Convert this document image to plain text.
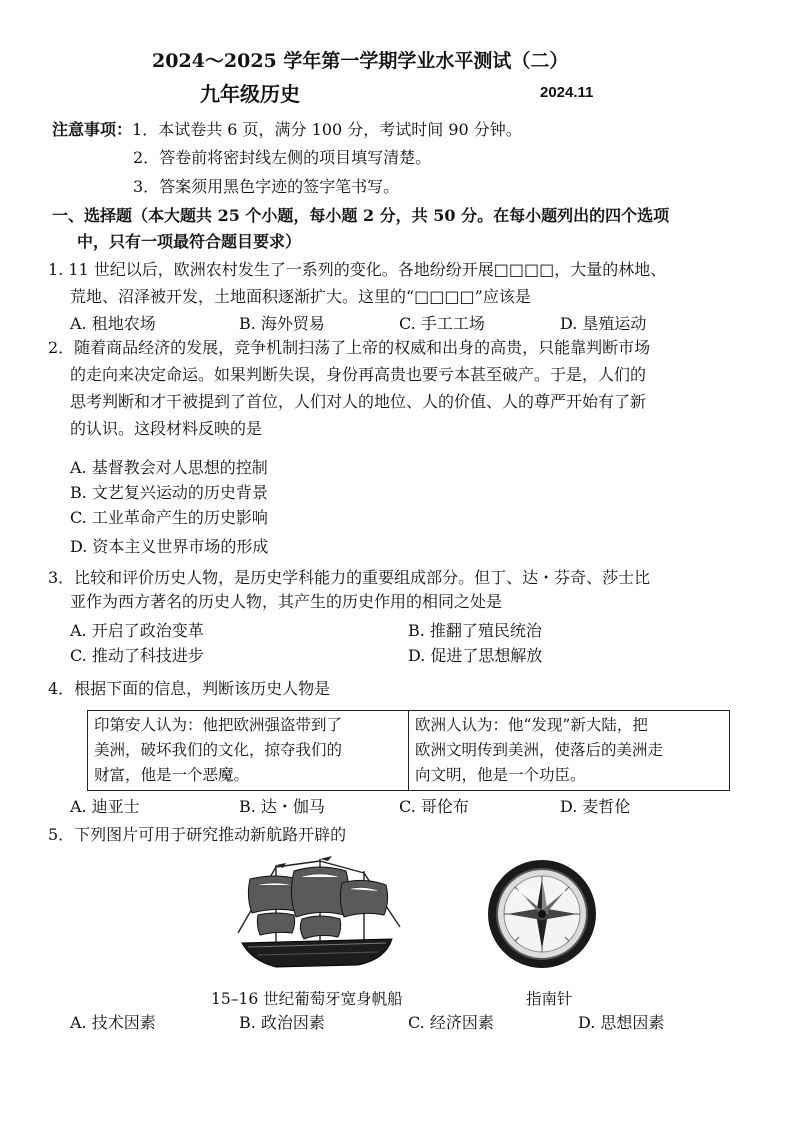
2024～2025 学年第一学期学业水平测试（二）
九年级历史	2024.11
注意事项：1．本试卷共 6 页，满分 100 分，考试时间 90 分钟。
2．答卷前将密封线左侧的项目填写清楚。
3．答案须用黑色字迹的签字笔书写。
一、选择题（本大题共 25 个小题，每小题 2 分，共 50 分。在每小题列出的四个选项
中，只有一项最符合题目要求）
1. 11 世纪以后，欧洲农村发生了一系列的变化。各地纷纷开展□□□□，大量的林地、
荒地、沼泽被开发，土地面积逐渐扩大。这里的“□□□□”应该是
A. 租地农场	B. 海外贸易	C. 手工工场	D. 垦殖运动
2．随着商品经济的发展，竞争机制扫荡了上帝的权威和出身的高贵，只能靠判断市场
的走向来决定命运。如果判断失误，身份再高贵也要亏本甚至破产。于是，人们的
思考判断和才干被提到了首位，人们对人的地位、人的价值、人的尊严开始有了新
的认识。这段材料反映的是
A. 基督教会对人思想的控制
B. 文艺复兴运动的历史背景
C. 工业革命产生的历史影响
D. 资本主义世界市场的形成
3．比较和评价历史人物，是历史学科能力的重要组成部分。但丁、达・芬奇、莎士比
亚作为西方著名的历史人物，其产生的历史作用的相同之处是
A. 开启了政治变革	B. 推翻了殖民统治
C. 推动了科技进步	D. 促进了思想解放
4．根据下面的信息，判断该历史人物是
印第安人认为：他把欧洲强盗带到了
美洲，破坏我们的文化，掠夺我们的
财富，他是一个恶魔。

欧洲人认为：他“发现”新大陆，把
欧洲文明传到美洲，使落后的美洲走
向文明，他是一个功臣。
A. 迪亚士	B. 达・伽马	C. 哥伦布	D. 麦哲伦
5．下列图片可用于研究推动新航路开辟的
15–16 世纪葡萄牙宽身帆船	指南针
A. 技术因素	B. 政治因素	C. 经济因素	D. 思想因素
